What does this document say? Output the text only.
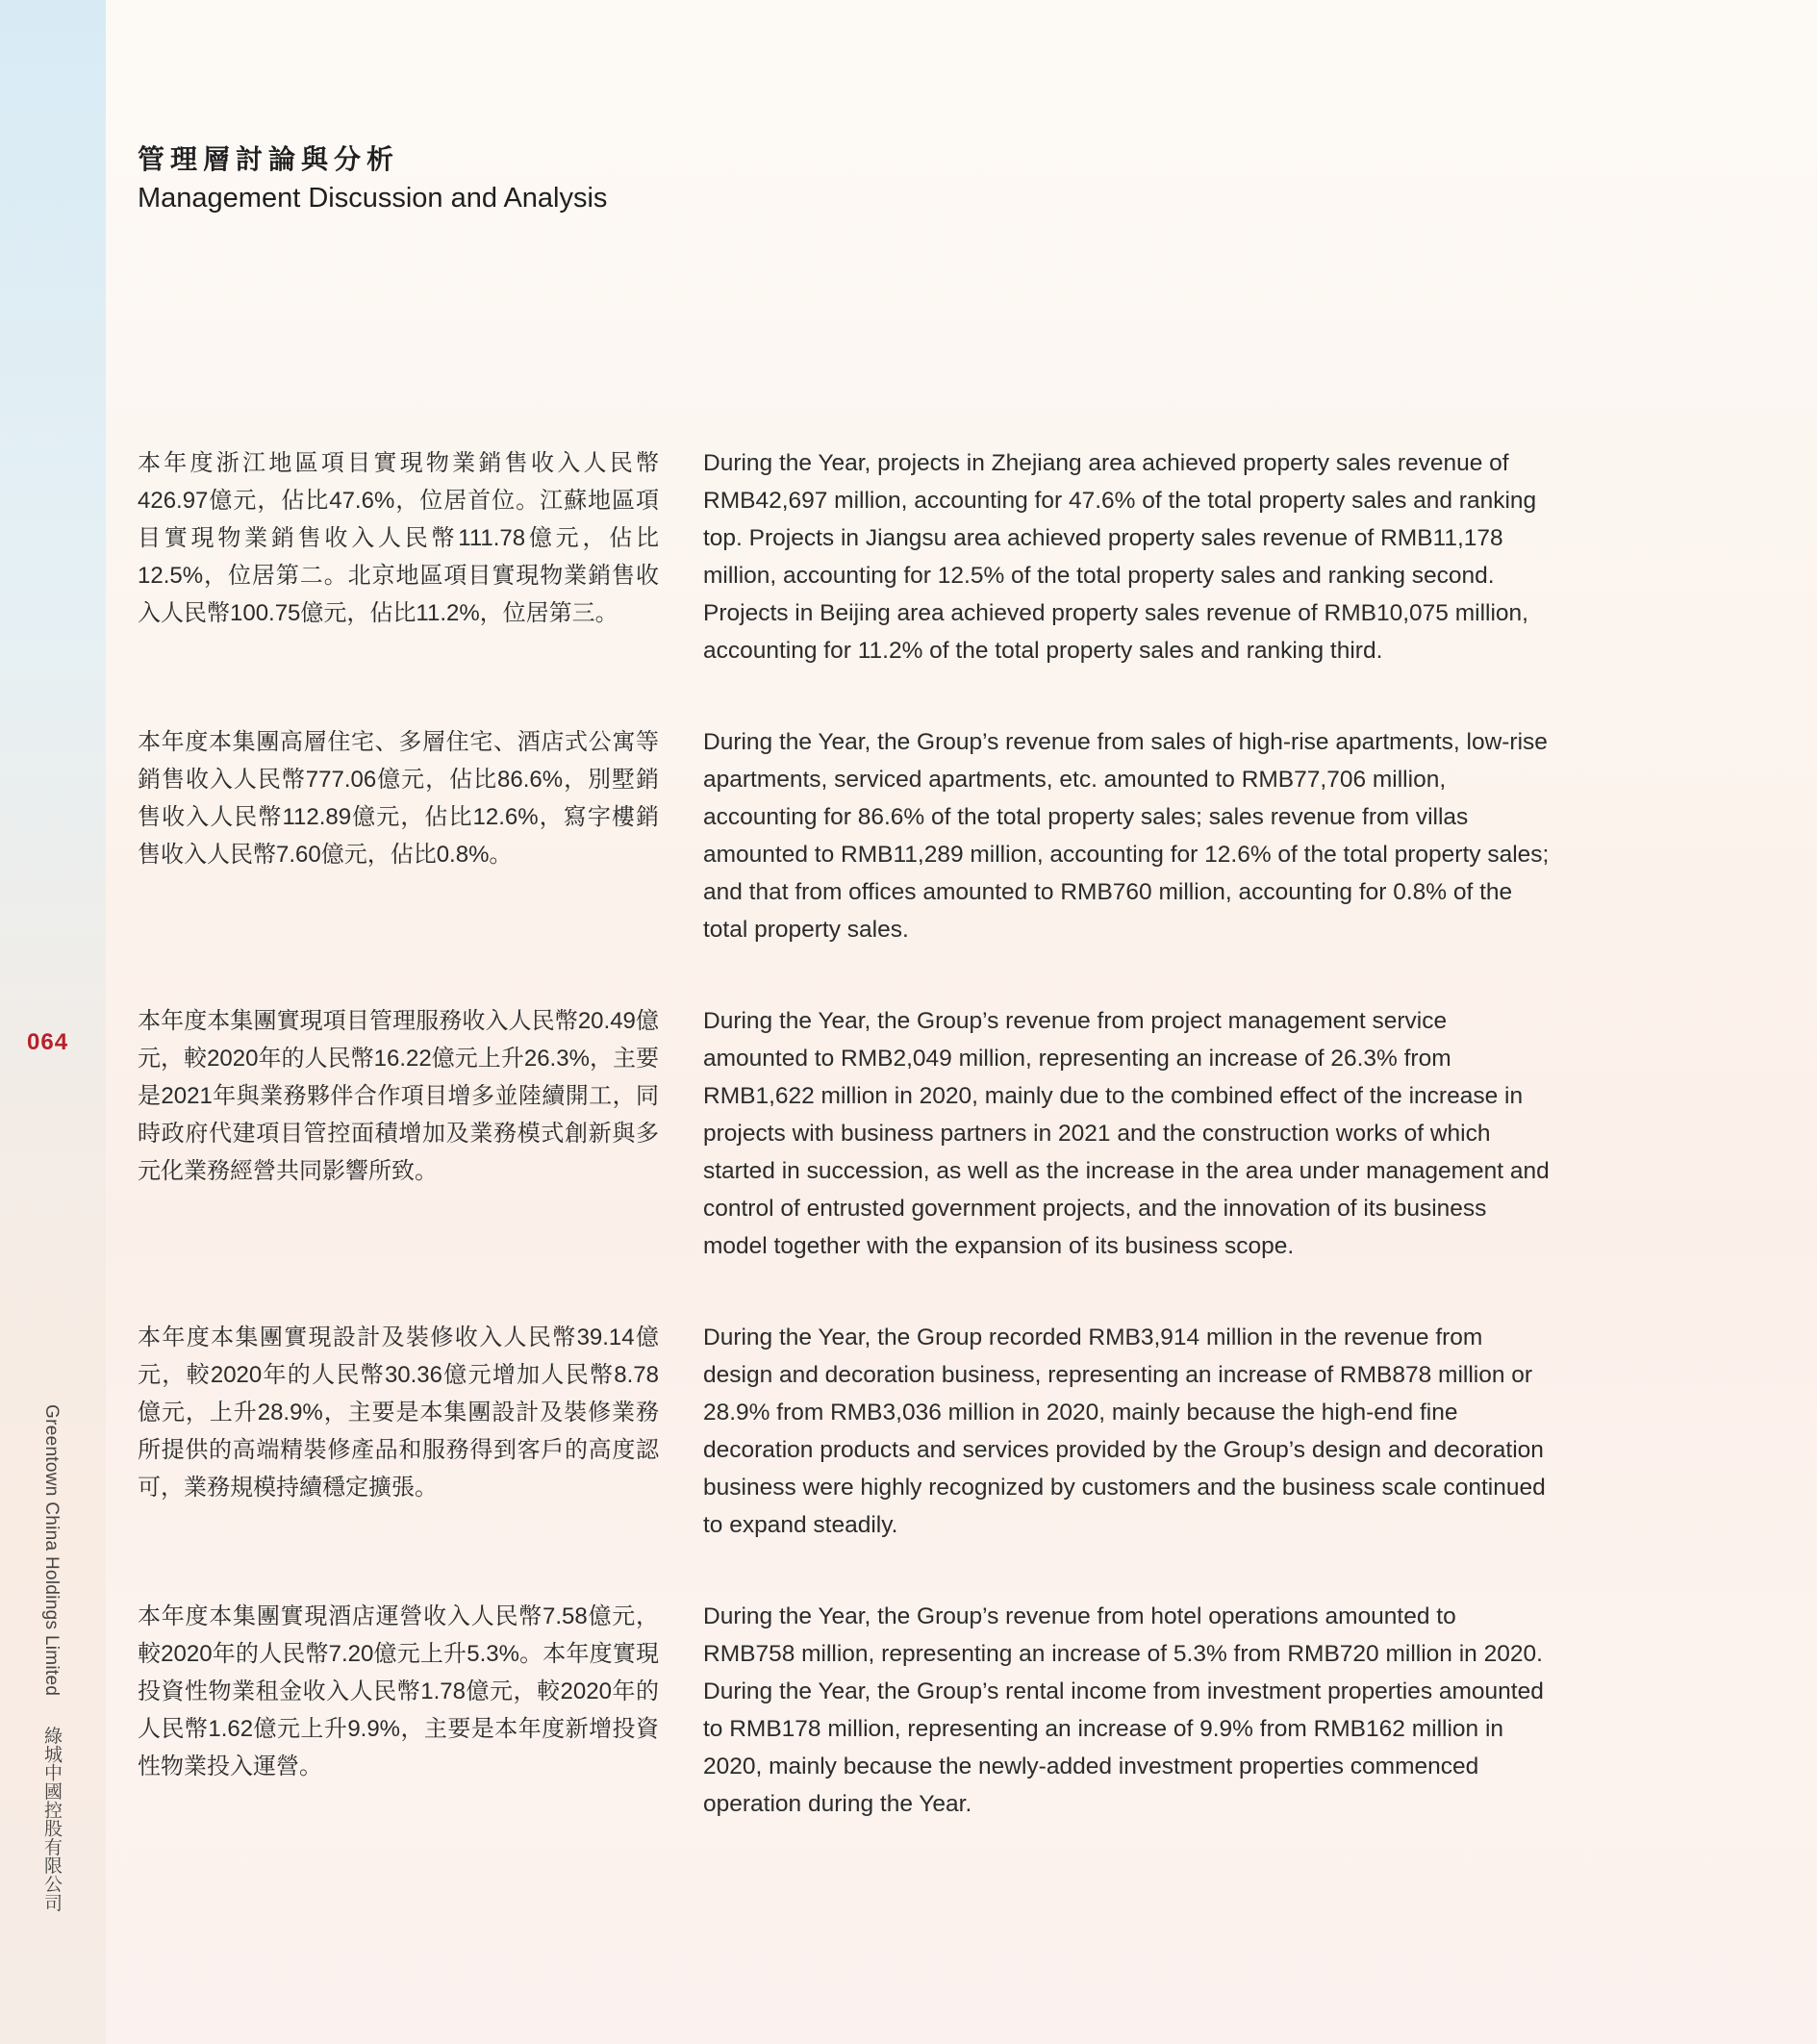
064
Greentown China Holdings Limited  綠城中國控股有限公司

管理層討論與分析

Management Discussion and Analysis

本年度浙江地區項目實現物業銷售收入人民幣426.97億元，佔比47.6%，位居首位。江蘇地區項目實現物業銷售收入人民幣111.78億元，佔比12.5%，位居第二。北京地區項目實現物業銷售收入人民幣100.75億元，佔比11.2%，位居第三。

During the Year, projects in Zhejiang area achieved property sales revenue of RMB42,697 million, accounting for 47.6% of the total property sales and ranking top. Projects in Jiangsu area achieved property sales revenue of RMB11,178 million, accounting for 12.5% of the total property sales and ranking second. Projects in Beijing area achieved property sales revenue of RMB10,075 million, accounting for 11.2% of the total property sales and ranking third.

本年度本集團高層住宅、多層住宅、酒店式公寓等銷售收入人民幣777.06億元，佔比86.6%，別墅銷售收入人民幣112.89億元，佔比12.6%，寫字樓銷售收入人民幣7.60億元，佔比0.8%。

During the Year, the Group’s revenue from sales of high-rise apartments, low-rise apartments, serviced apartments, etc. amounted to RMB77,706 million, accounting for 86.6% of the total property sales; sales revenue from villas amounted to RMB11,289 million, accounting for 12.6% of the total property sales; and that from offices amounted to RMB760 million, accounting for 0.8% of the total property sales.

本年度本集團實現項目管理服務收入人民幣20.49億元，較2020年的人民幣16.22億元上升26.3%，主要是2021年與業務夥伴合作項目增多並陸續開工，同時政府代建項目管控面積增加及業務模式創新與多元化業務經營共同影響所致。

During the Year, the Group’s revenue from project management service amounted to RMB2,049 million, representing an increase of 26.3% from RMB1,622 million in 2020, mainly due to the combined effect of the increase in projects with business partners in 2021 and the construction works of which started in succession, as well as the increase in the area under management and control of entrusted government projects, and the innovation of its business model together with the expansion of its business scope.

本年度本集團實現設計及裝修收入人民幣39.14億元，較2020年的人民幣30.36億元增加人民幣8.78億元，上升28.9%，主要是本集團設計及裝修業務所提供的高端精裝修產品和服務得到客戶的高度認可，業務規模持續穩定擴張。

During the Year, the Group recorded RMB3,914 million in the revenue from design and decoration business, representing an increase of RMB878 million or 28.9% from RMB3,036 million in 2020, mainly because the high-end fine decoration products and services provided by the Group’s design and decoration business were highly recognized by customers and the business scale continued to expand steadily.

本年度本集團實現酒店運營收入人民幣7.58億元，較2020年的人民幣7.20億元上升5.3%。本年度實現投資性物業租金收入人民幣1.78億元，較2020年的人民幣1.62億元上升9.9%，主要是本年度新增投資性物業投入運營。

During the Year, the Group’s revenue from hotel operations amounted to RMB758 million, representing an increase of 5.3% from RMB720 million in 2020. During the Year, the Group’s rental income from investment properties amounted to RMB178 million, representing an increase of 9.9% from RMB162 million in 2020, mainly because the newly-added investment properties commenced operation during the Year.
